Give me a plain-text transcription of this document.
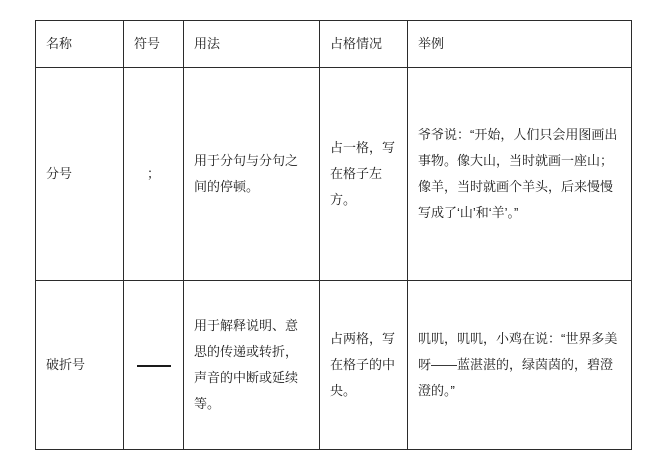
名称	符号	用法	占格情况	举例
分号	；	用于分句与分句之间的停顿。	占一格，写在格子左方。	爷爷说：“开始，人们只会用图画出事物。像大山，当时就画一座山；像羊，当时就画个羊头，后来慢慢写成了‘山’和‘羊’。”
破折号		用于解释说明、意思的传递或转折，声音的中断或延续等。	占两格，写在格子的中央。	叽叽，叽叽，小鸡在说：“世界多美呀——蓝湛湛的，绿茵茵的，碧澄澄的。”
